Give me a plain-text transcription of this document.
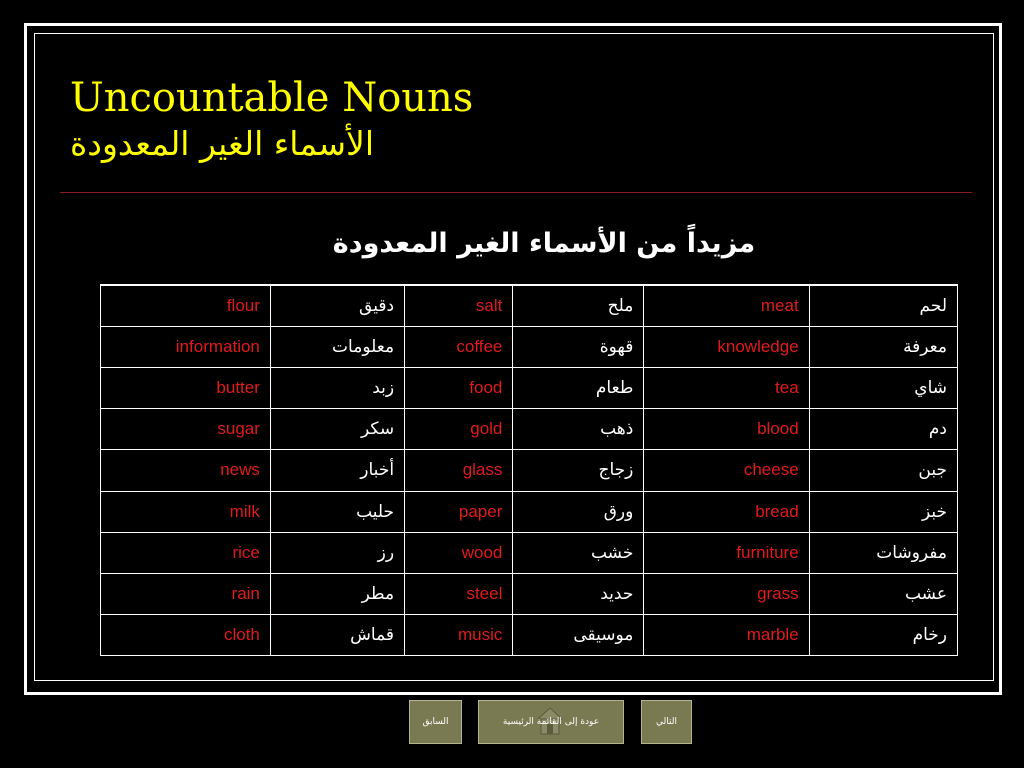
Uncountable Nouns
الأسماء الغير المعدودة
مزيداً من الأسماء الغير المعدودة
flour	دقيق	salt	ملح	meat	لحم
information	معلومات	coffee	قهوة	knowledge	معرفة
butter	زبد	food	طعام	tea	شاي
sugar	سكر	gold	ذهب	blood	دم
news	أخبار	glass	زجاج	cheese	جبن
milk	حليب	paper	ورق	bread	خبز
rice	رز	wood	خشب	furniture	مفروشات
rain	مطر	steel	حديد	grass	عشب
cloth	قماش	music	موسيقى	marble	رخام
السابق	عودة إلى القائمة الرئيسية	التالي
